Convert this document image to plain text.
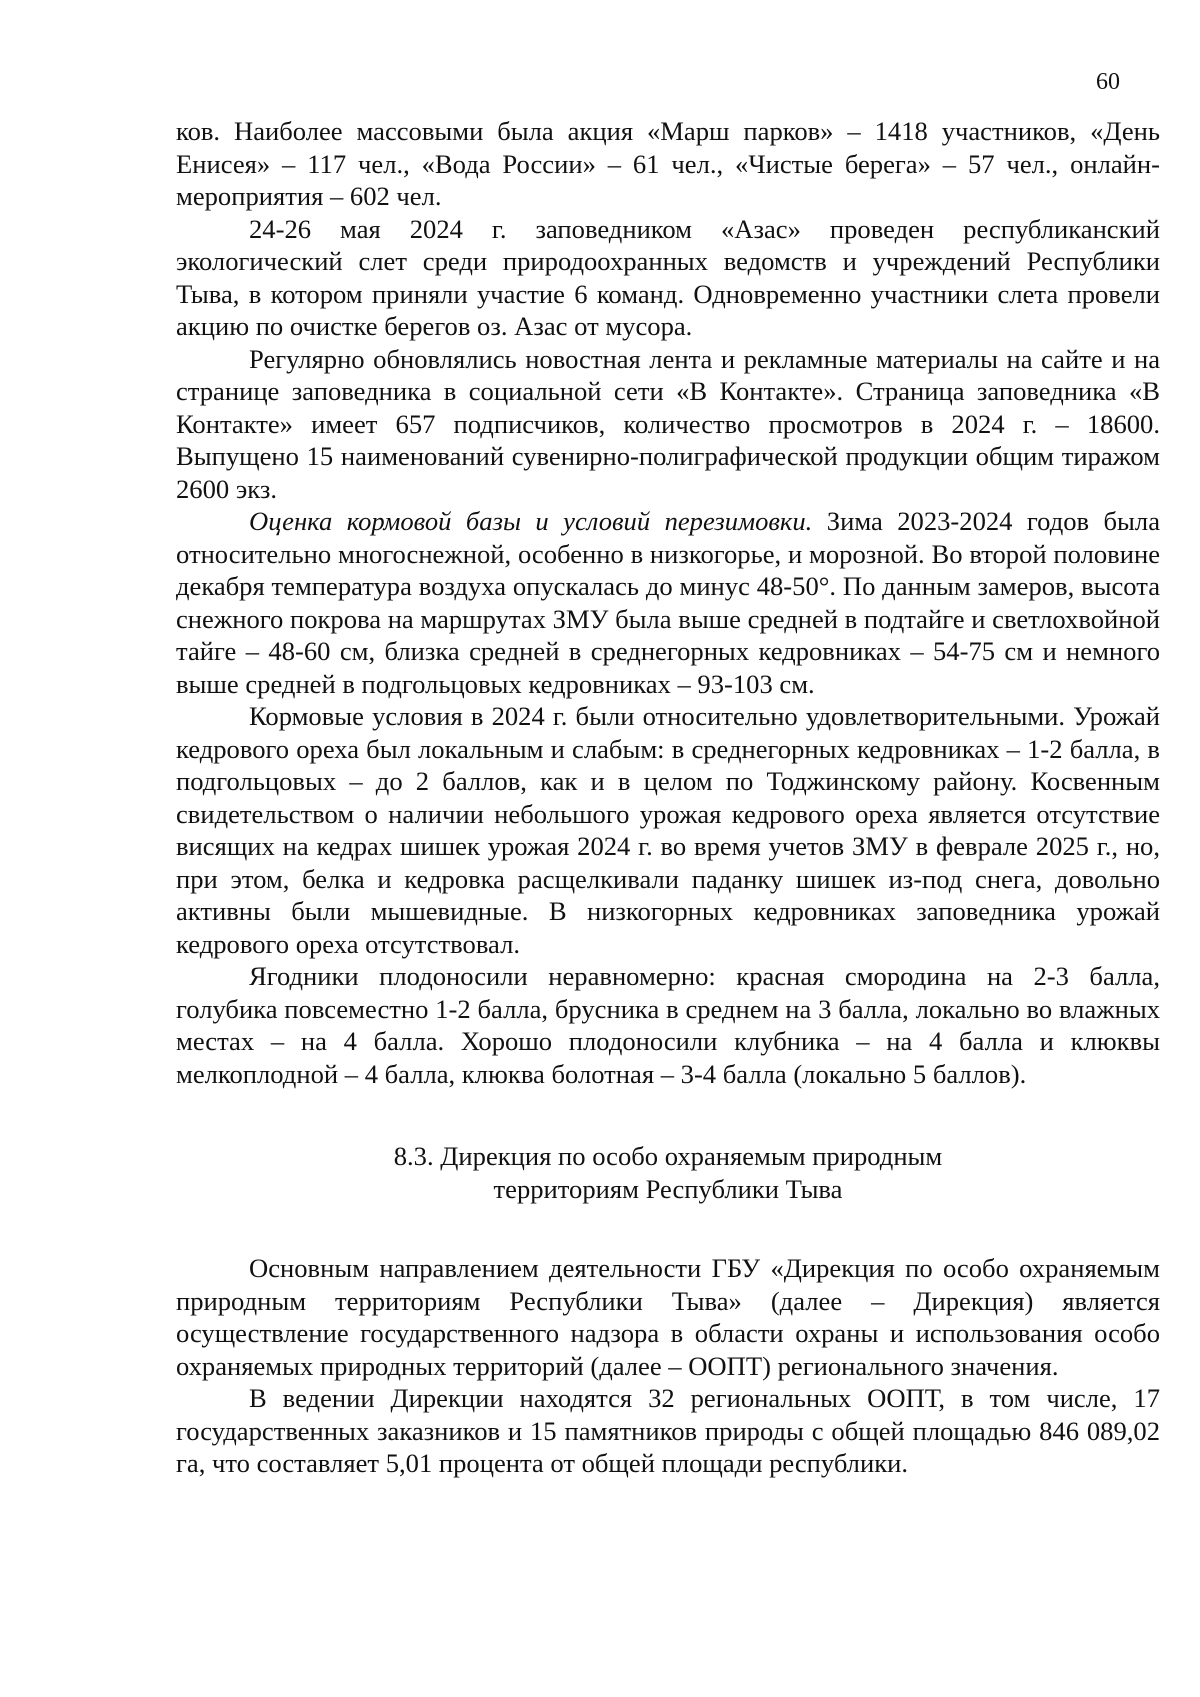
60

ков. Наиболее массовыми была акция «Марш парков» – 1418 участников, «День Енисея» – 117 чел., «Вода России» – 61 чел., «Чистые берега» – 57 чел., онлайн-мероприятия – 602 чел.

24-26 мая 2024 г. заповедником «Азас» проведен республиканский экологический слет среди природоохранных ведомств и учреждений Республики Тыва, в котором приняли участие 6 команд. Одновременно участники слета провели акцию по очистке берегов оз. Азас от мусора.

Регулярно обновлялись новостная лента и рекламные материалы на сайте и на странице заповедника в социальной сети «В Контакте». Страница заповедника «В Контакте» имеет 657 подписчиков, количество просмотров в 2024 г. – 18600. Выпущено 15 наименований сувенирно-полиграфической продукции общим тиражом 2600 экз.

Оценка кормовой базы и условий перезимовки. Зима 2023-2024 годов была относительно многоснежной, особенно в низкогорье, и морозной. Во второй половине декабря температура воздуха опускалась до минус 48-50°. По данным замеров, высота снежного покрова на маршрутах ЗМУ была выше средней в подтайге и светлохвойной тайге – 48-60 см, близка средней в среднегорных кедровниках – 54-75 см и немного выше средней в подгольцовых кедровниках – 93-103 см.

Кормовые условия в 2024 г. были относительно удовлетворительными. Урожай кедрового ореха был локальным и слабым: в среднегорных кедровниках – 1-2 балла, в подгольцовых – до 2 баллов, как и в целом по Тоджинскому району. Косвенным свидетельством о наличии небольшого урожая кедрового ореха является отсутствие висящих на кедрах шишек урожая 2024 г. во время учетов ЗМУ в феврале 2025 г., но, при этом, белка и кедровка расщелкивали паданку шишек из-под снега, довольно активны были мышевидные. В низкогорных кедровниках заповедника урожай кедрового ореха отсутствовал.

Ягодники плодоносили неравномерно: красная смородина на 2-3 балла, голубика повсеместно 1-2 балла, брусника в среднем на 3 балла, локально во влажных местах – на 4 балла. Хорошо плодоносили клубника – на 4 балла и клюквы мелкоплодной – 4 балла, клюква болотная – 3-4 балла (локально 5 баллов).

8.3. Дирекция по особо охраняемым природным
территориям Республики Тыва

Основным направлением деятельности ГБУ «Дирекция по особо охраняемым природным территориям Республики Тыва» (далее – Дирекция) является осуществление государственного надзора в области охраны и использования особо охраняемых природных территорий (далее – ООПТ) регионального значения.

В ведении Дирекции находятся 32 региональных ООПТ, в том числе, 17 государственных заказников и 15 памятников природы с общей площадью 846 089,02 га, что составляет 5,01 процента от общей площади республики.
